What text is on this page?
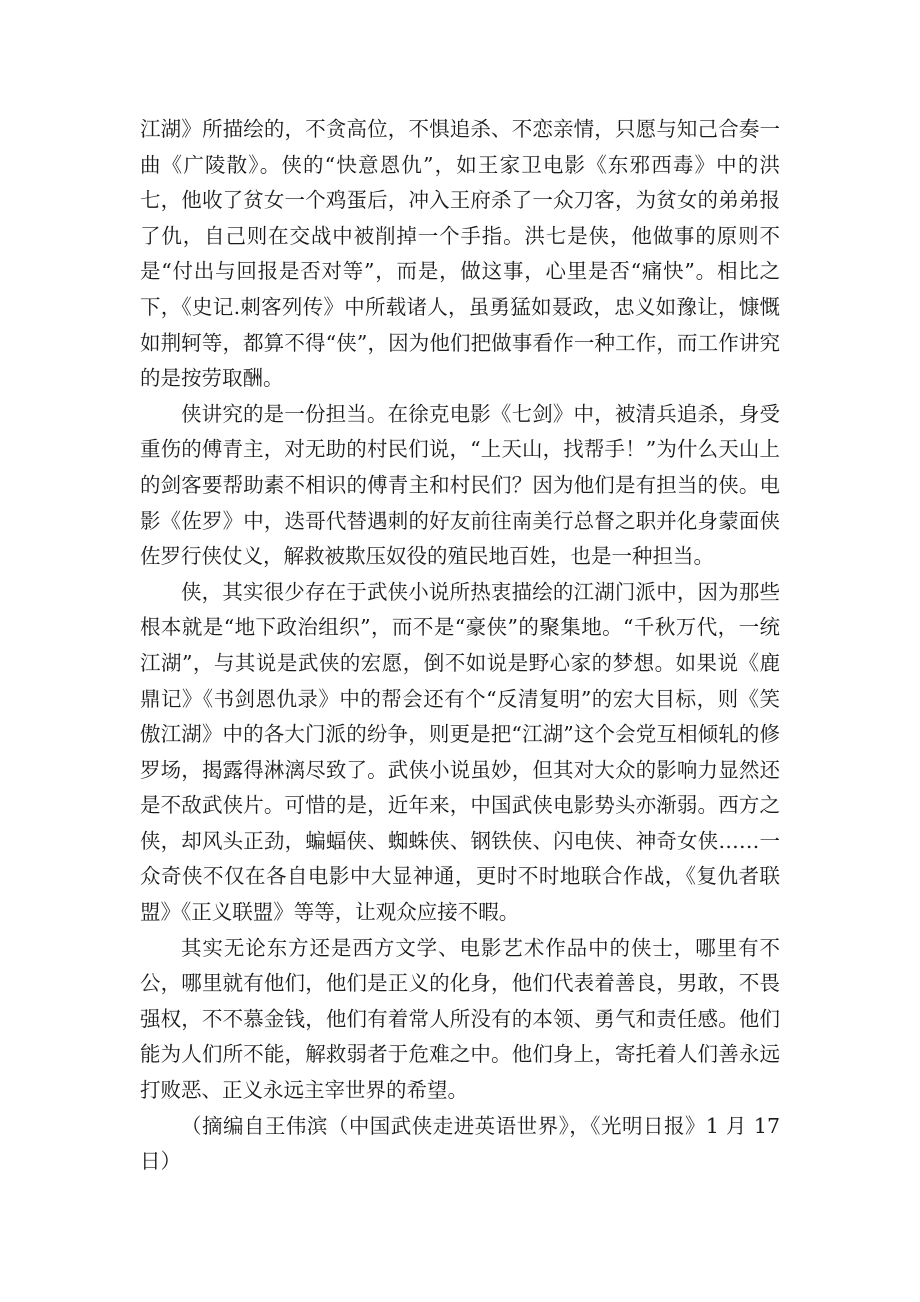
江湖》所描绘的，不贪高位，不惧追杀、不恋亲情，只愿与知己合奏一曲《广陵散》。侠的“快意恩仇”，如王家卫电影《东邪西毒》中的洪七，他收了贫女一个鸡蛋后，冲入王府杀了一众刀客，为贫女的弟弟报了仇，自己则在交战中被削掉一个手指。洪七是侠，他做事的原则不是“付出与回报是否对等”，而是，做这事，心里是否“痛快”。相比之下，《史记.刺客列传》中所载诸人，虽勇猛如聂政，忠义如豫让，慷慨如荆轲等，都算不得“侠”，因为他们把做事看作一种工作，而工作讲究的是按劳取酬。

侠讲究的是一份担当。在徐克电影《七剑》中，被清兵追杀，身受重伤的傅青主，对无助的村民们说，“上天山，找帮手！”为什么天山上的剑客要帮助素不相识的傅青主和村民们？因为他们是有担当的侠。电影《佐罗》中，迭哥代替遇刺的好友前往南美行总督之职并化身蒙面侠佐罗行侠仗义，解救被欺压奴役的殖民地百姓，也是一种担当。

侠，其实很少存在于武侠小说所热衷描绘的江湖门派中，因为那些根本就是“地下政治组织”，而不是“豪侠”的聚集地。“千秋万代，一统江湖”，与其说是武侠的宏愿，倒不如说是野心家的梦想。如果说《鹿鼎记》《书剑恩仇录》中的帮会还有个“反清复明”的宏大目标，则《笑傲江湖》中的各大门派的纷争，则更是把“江湖”这个会党互相倾轧的修罗场，揭露得淋漓尽致了。武侠小说虽妙，但其对大众的影响力显然还是不敌武侠片。可惜的是，近年来，中国武侠电影势头亦渐弱。西方之侠，却风头正劲，蝙蝠侠、蜘蛛侠、钢铁侠、闪电侠、神奇女侠……一众奇侠不仅在各自电影中大显神通，更时不时地联合作战，《复仇者联盟》《正义联盟》等等，让观众应接不暇。

其实无论东方还是西方文学、电影艺术作品中的侠士，哪里有不公，哪里就有他们，他们是正义的化身，他们代表着善良，男敢，不畏强权，不不慕金钱，他们有着常人所没有的本领、勇气和责任感。他们能为人们所不能，解救弱者于危难之中。他们身上，寄托着人们善永远打败恶、正义永远主宰世界的希望。

（摘编自王伟滨（中国武侠走进英语世界》，《光明日报》1 月 17 日）
